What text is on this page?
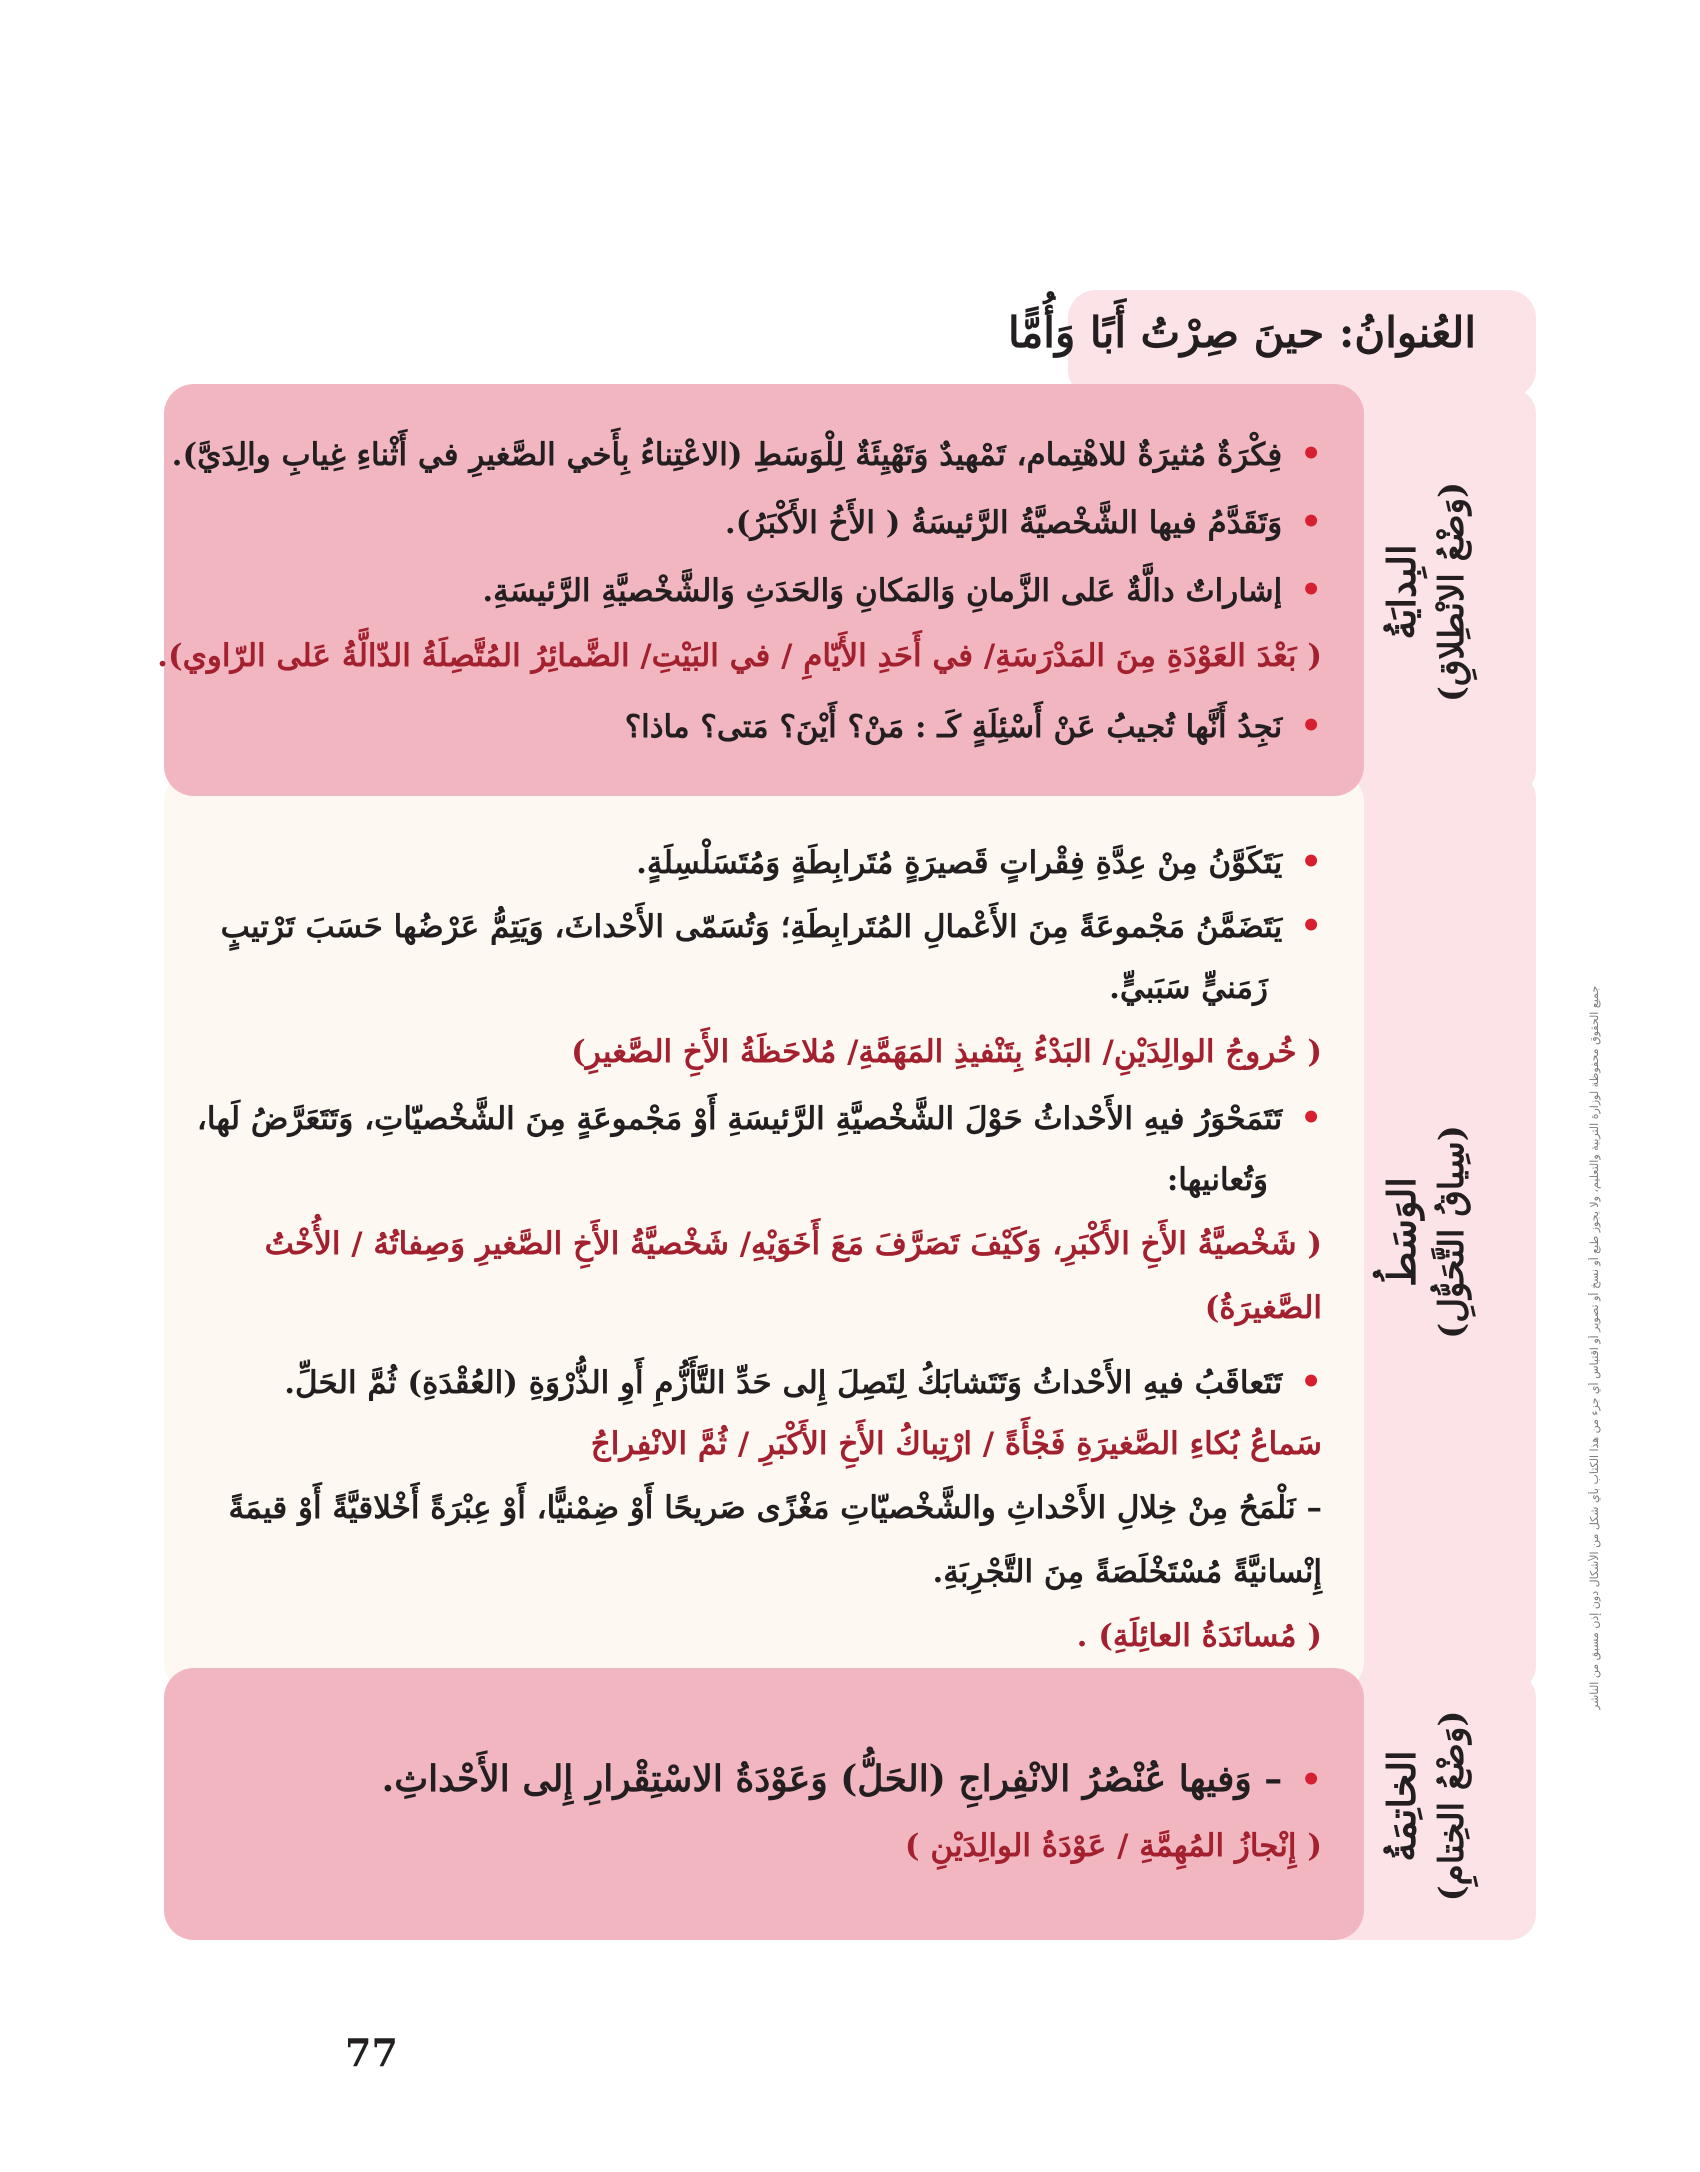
العُنوانُ: حينَ صِرْتُ أَبًا وَأُمًّا
البِدايَةُ (وَضْعُ الانْطِلاقِ)
الوَسَطُ (سِياقُ التَّحَوُّلِ)
الخاتِمَةُ (وَضْعُ الخِتامِ)
•يَتَكَوَّنُ مِنْ عِدَّةِ فِقْراتٍ قَصيرَةٍ مُتَرابِطَةٍ وَمُتَسَلْسِلَةٍ.
•يَتَضَمَّنُ مَجْموعَةً مِنَ الأَعْمالِ المُتَرابِطَةِ؛ وَتُسَمّى الأَحْداثَ، وَيَتِمُّ عَرْضُها حَسَبَ تَرْتيبٍ
زَمَنيٍّ سَبَبيٍّ.
( خُروجُ الوالِدَيْنِ/ البَدْءُ بِتَنْفيذِ المَهَمَّةِ/ مُلاحَظَةُ الأَخِ الصَّغيرِ)
•تَتَمَحْوَرُ فيهِ الأَحْداثُ حَوْلَ الشَّخْصيَّةِ الرَّئيسَةِ أَوْ مَجْموعَةٍ مِنَ الشَّخْصيّاتِ، وَتَتَعَرَّضُ لَها،
وَتُعانيها:
( شَخْصيَّةُ الأَخِ الأَكْبَرِ، وَكَيْفَ تَصَرَّفَ مَعَ أَخَوَيْهِ/ شَخْصيَّةُ الأَخِ الصَّغيرِ وَصِفاتُهُ / الأُخْتُ
الصَّغيرَةُ)
•تَتَعاقَبُ فيهِ الأَحْداثُ وَتَتَشابَكُ لِتَصِلَ إِلى حَدِّ التَّأَزُّمِ أَوِ الذُّرْوَةِ (العُقْدَةِ) ثُمَّ الحَلِّ.
سَماعُ بُكاءِ الصَّغيرَةِ فَجْأَةً / ارْتِباكُ الأَخِ الأَكْبَرِ / ثُمَّ الانْفِراجُ
– نَلْمَحُ مِنْ خِلالِ الأَحْداثِ والشَّخْصيّاتِ مَغْزًى صَريحًا أَوْ ضِمْنيًّا، أَوْ عِبْرَةً أَخْلاقيَّةً أَوْ قيمَةً
إِنْسانيَّةً مُسْتَخْلَصَةً مِنَ التَّجْرِبَةِ.
( مُسانَدَةُ العائِلَةِ) .
•فِكْرَةٌ مُثيرَةٌ للاهْتِمام، تَمْهيدٌ وَتَهْيِئَةٌ لِلْوَسَطِ (الاعْتِناءُ بِأَخي الصَّغيرِ في أَثْناءِ غِيابِ والِدَيَّ).
•وَتَقَدَّمُ فيها الشَّخْصيَّةُ الرَّئيسَةُ ( الأَخُ الأَكْبَرُ).
•إشاراتٌ دالَّةٌ عَلى الزَّمانِ وَالمَكانِ وَالحَدَثِ وَالشَّخْصيَّةِ الرَّئيسَةِ.
( بَعْدَ العَوْدَةِ مِنَ المَدْرَسَةِ/ في أَحَدِ الأَيّامِ / في البَيْتِ/ الضَّمائِرُ المُتَّصِلَةُ الدّالَّةُ عَلى الرّاوي).
•نَجِدُ أَنَّها تُجيبُ عَنْ أَسْئِلَةٍ كَـ : مَنْ؟ أَيْنَ؟ مَتى؟ ماذا؟
•– وَفيها عُنْصُرُ الانْفِراجِ (الحَلُّ) وَعَوْدَةُ الاسْتِقْرارِ إِلى الأَحْداثِ.
( إِنْجازُ المُهِمَّةِ / عَوْدَةُ الوالِدَيْنِ )
جميع الحقوق محفوظة لوزارة التربية والتعليم، ولا يجوز طبع أو نسخ أو تصوير أو اقتباس أي جزء من هذا الكتاب بأي شكل من الأشكال دون إذن مسبق من الناشر
77
